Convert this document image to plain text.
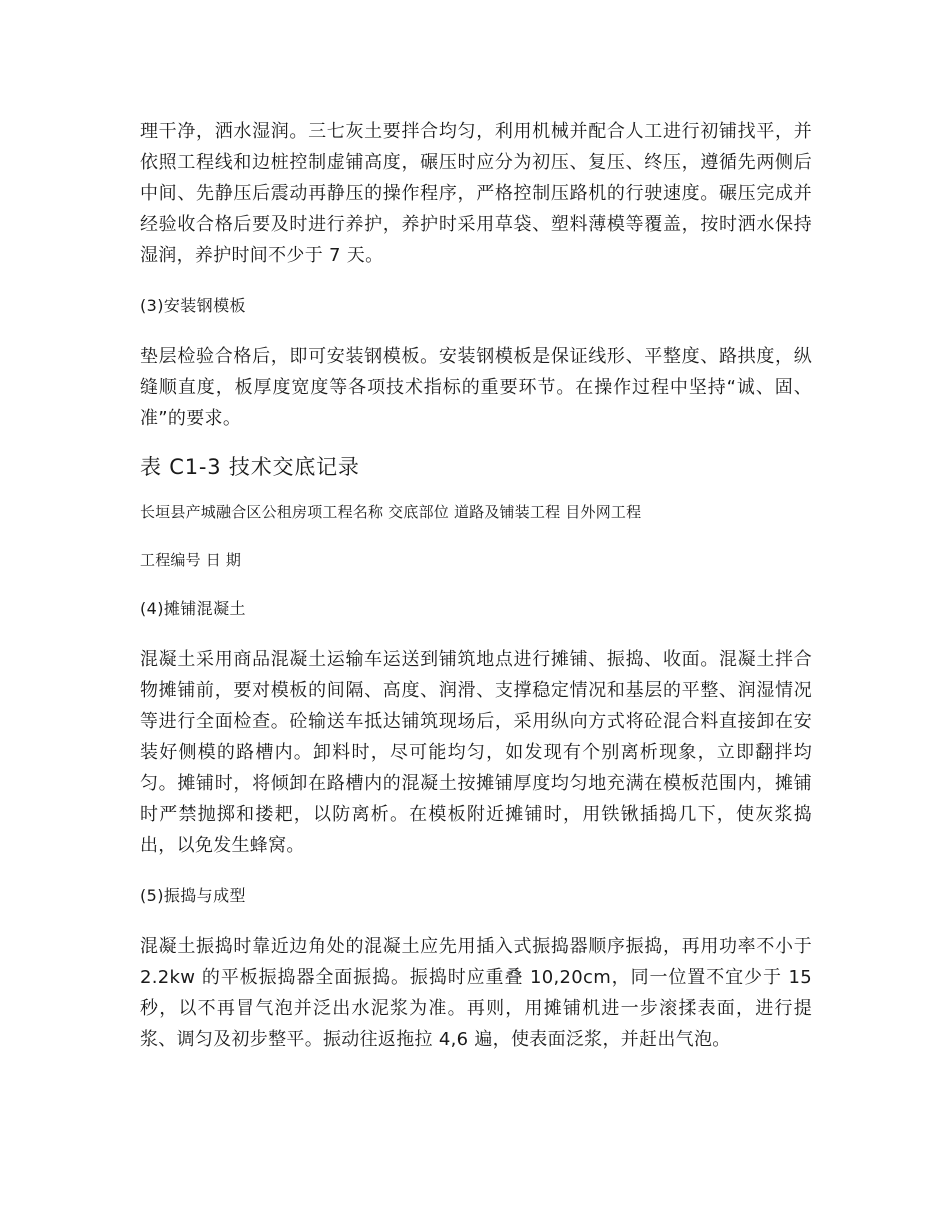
理干净，洒水湿润。三七灰土要拌合均匀，利用机械并配合人工进行初铺找平，并依照工程线和边桩控制虚铺高度，碾压时应分为初压、复压、终压，遵循先两侧后中间、先静压后震动再静压的操作程序，严格控制压路机的行驶速度。碾压完成并经验收合格后要及时进行养护，养护时采用草袋、塑料薄模等覆盖，按时洒水保持湿润，养护时间不少于 7 天。

(3)安装钢模板

垫层检验合格后，即可安装钢模板。安装钢模板是保证线形、平整度、路拱度，纵缝顺直度，板厚度宽度等各项技术指标的重要环节。在操作过程中坚持“诚、固、准”的要求。

表 C1-3 技术交底记录

长垣县产城融合区公租房项工程名称 交底部位 道路及铺装工程 目外网工程

工程编号 日 期

(4)摊铺混凝土

混凝土采用商品混凝土运输车运送到铺筑地点进行摊铺、振捣、收面。混凝土拌合物摊铺前，要对模板的间隔、高度、润滑、支撑稳定情况和基层的平整、润湿情况等进行全面检查。砼输送车抵达铺筑现场后，采用纵向方式将砼混合料直接卸在安装好侧模的路槽内。卸料时，尽可能均匀，如发现有个别离析现象，立即翻拌均匀。摊铺时，将倾卸在路槽内的混凝土按摊铺厚度均匀地充满在模板范围内，摊铺时严禁抛掷和搂耙，以防离析。在模板附近摊铺时，用铁锹插捣几下，使灰浆捣出，以免发生蜂窝。

(5)振捣与成型

混凝土振捣时靠近边角处的混凝土应先用插入式振捣器顺序振捣，再用功率不小于 2.2kw 的平板振捣器全面振捣。振捣时应重叠 10,20cm，同一位置不宜少于 15 秒，以不再冒气泡并泛出水泥浆为准。再则，用摊铺机进一步滚揉表面，进行提浆、调匀及初步整平。振动往返拖拉 4,6 遍，使表面泛浆，并赶出气泡。
